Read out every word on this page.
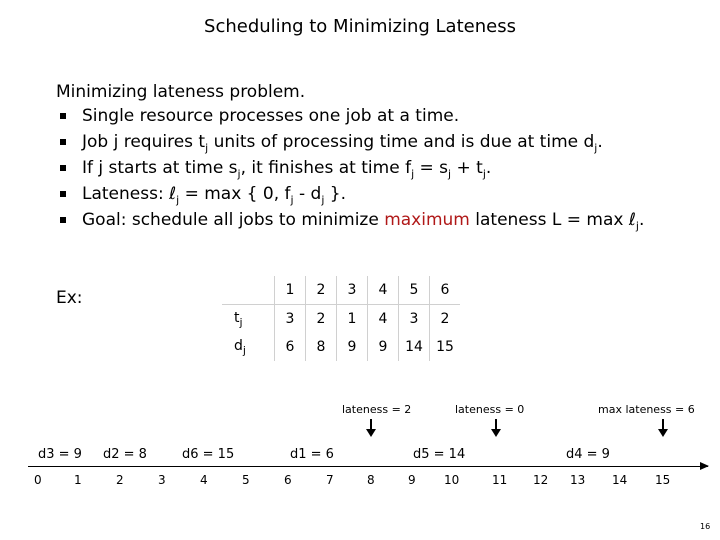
Scheduling to Minimizing Lateness
Minimizing lateness problem.
Single resource processes one job at a time.
Job j requires $t_j$ units of processing time and is due at time $d_j$.
If j starts at time $s_j$, it finishes at time $f_j = s_j + t_j$.
Lateness: ℓ$_j$ = max { 0, $f_j - d_j$ }.
Goal: schedule all jobs to minimize maximum lateness L = max ℓ$_j$.
Ex:
		1	2	3	4	5	6
$t_j$	3	2	1	4	3	2
$d_j$	6	8	9	9	14	15
lateness = 2	lateness = 0	max lateness = 6
d3 = 9 d2 = 8	d6 = 15	d1 = 6	d5 = 14	d4 = 9
0	1	2	3	4	5	6	7	8	9 10	11 12 13 14 15
16
